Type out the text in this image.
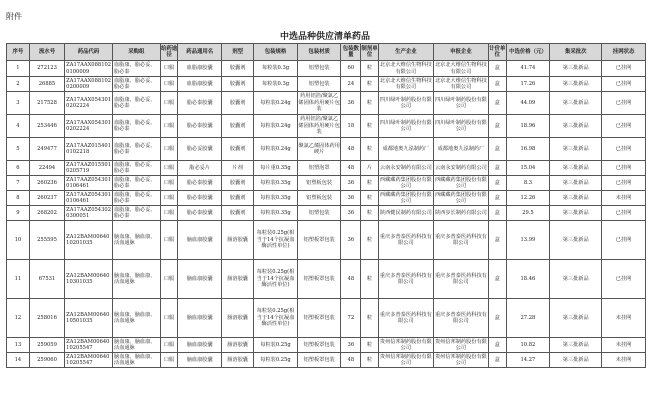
附件
中选品种供应清单药品
序号	流水号	药品代码	采购组	给药途径	药品通用名	剂型	包装规格	包装材质	包装数量	制剂单位	生产企业	申报企业	计价单位	中选价格（元）	集采批次	挂网状态
1	272123	ZA17AAX0881020100009	血脂康、脂必妥、脂必泰	口服	血脂康胶囊	胶囊剂	每粒装0.3g	铝塑包装	60	粒	北京北大维信生物科技有限公司	北京北大维信生物科技有限公司	盒	41.74	第三批新品	已挂网
2	26885	ZA17AAX0881020200009	血脂康、脂必妥、脂必泰	口服	血脂康胶囊	胶囊剂	每粒装0.3g	铝塑包装	24	粒	北京北大维信生物科技有限公司	北京北大维信生物科技有限公司	盒	17.26	第三批新品	已挂网
3	217528	ZA17AAX0543010202224	血脂康、脂必妥、脂必泰	口服	脂必泰胶囊	胶囊剂	每粒装0.24g	药用铝箔/聚氯乙烯固体药用硬片包装	36	粒	四川绿叶制药股份有限公司	四川绿叶制药股份有限公司	盒	44.09	第三批新品	已挂网
4	253446	ZA17AAX0543010202224	血脂康、脂必妥、脂必泰	口服	脂必泰胶囊	胶囊剂	每粒装0.24g	药用铝箔/聚氯乙烯固体药用硬片包装	18	粒	四川绿叶制药股份有限公司	四川绿叶制药股份有限公司	盒	18.96	第三批新品	已挂网
5	249477	ZA17AAZ0154010102218	血脂康、脂必妥、脂必泰	口服	脂必妥胶囊	胶囊剂	每粒装0.24g	聚氯乙烯固体药用硬片	48	粒	成都地奥九泓制药厂	成都地奥九泓制药厂	盒	16.98	第三批新品	已挂网
6	22494	ZA17AAZ0155010205719	血脂康、脂必妥、脂必泰	口服	脂必妥片	片剂	每片重0.35g	铝塑泡罩	48	片	云南永安制药有限公司	云南永安制药有限公司	盒	15.04	第三批新品	已挂网
7	260236	ZA17AAZ0543010106461	血脂康、脂必妥、脂必泰	口服	脂必泰胶囊	胶囊剂	每粒装0.35g	铝塑板包装	36	粒	西藏藏药集团股份有限公司	西藏藏药集团股份有限公司	盒	8.3	第三批新品	已挂网
8	260237	ZA17AAZ0543010106461	血脂康、脂必妥、脂必泰	口服	脂必泰胶囊	胶囊剂	每粒装0.35g	铝塑板包装	36	粒	西藏藏药集团股份有限公司	西藏藏药集团股份有限公司	盒	12.26	第三批新品	未挂网
9	268202	ZA17AAZ0543020300051	血脂康、脂必妥、脂必泰	口服	脂必泰胶囊	胶囊剂	每粒装0.35g	铝塑包装	36	粒	陕西健民制药有限公司	陕西步长制药有限公司	盒	29.5	第三批新品	已挂网
10	255595	ZA12BAM0064010201035	脑血康、脑血康、活血通脉	口服	脑血康胶囊	肠溶胶囊	每粒装0.25g(相当于14个抗凝血酶活性单位)	铝塑板罩包装	36	粒	重庆多普泰医药科技有限公司	重庆多普泰医药科技有限公司	盒	13.99	第三批新品	已挂网
11	67531	ZA12BAM0064010301035	脑血康、脑血康、活血通脉	口服	脑血康胶囊	肠溶胶囊	每粒装0.25g(相当于14个抗凝血酶活性单位)	铝塑板罩包装	48	粒	重庆多普泰医药科技有限公司	重庆多普泰医药科技有限公司	盒	18.46	第三批新品	已挂网
12	258016	ZA12BAM0064010501035	脑血康、脑血康、活血通脉	口服	脑血康胶囊	肠溶胶囊	每粒装0.25g(相当于14个抗凝血酶活性单位)	铝塑板罩包装	72	粒	重庆多普泰医药科技有限公司	重庆多普泰医药科技有限公司	盒	27.28	第三批新品	未挂网
13	259059	ZA12BAM0064010205547	脑血康、脑血康、活血通脉	口服	脑血康胶囊	肠溶胶囊	每粒装0.25g	铝塑板罩包装	36	粒	贵州信邦制药股份有限公司	贵州信邦制药股份有限公司	盒	10.82	第三批新品	未挂网
14	259060	ZA12BAM0064010205547	脑血康、脑血康、活血通脉	口服	脑血康胶囊	肠溶胶囊	每粒装0.25g	铝塑板罩包装	48	粒	贵州信邦制药股份有限公司	贵州信邦制药股份有限公司	盒	14.27	第三批新品	未挂网
